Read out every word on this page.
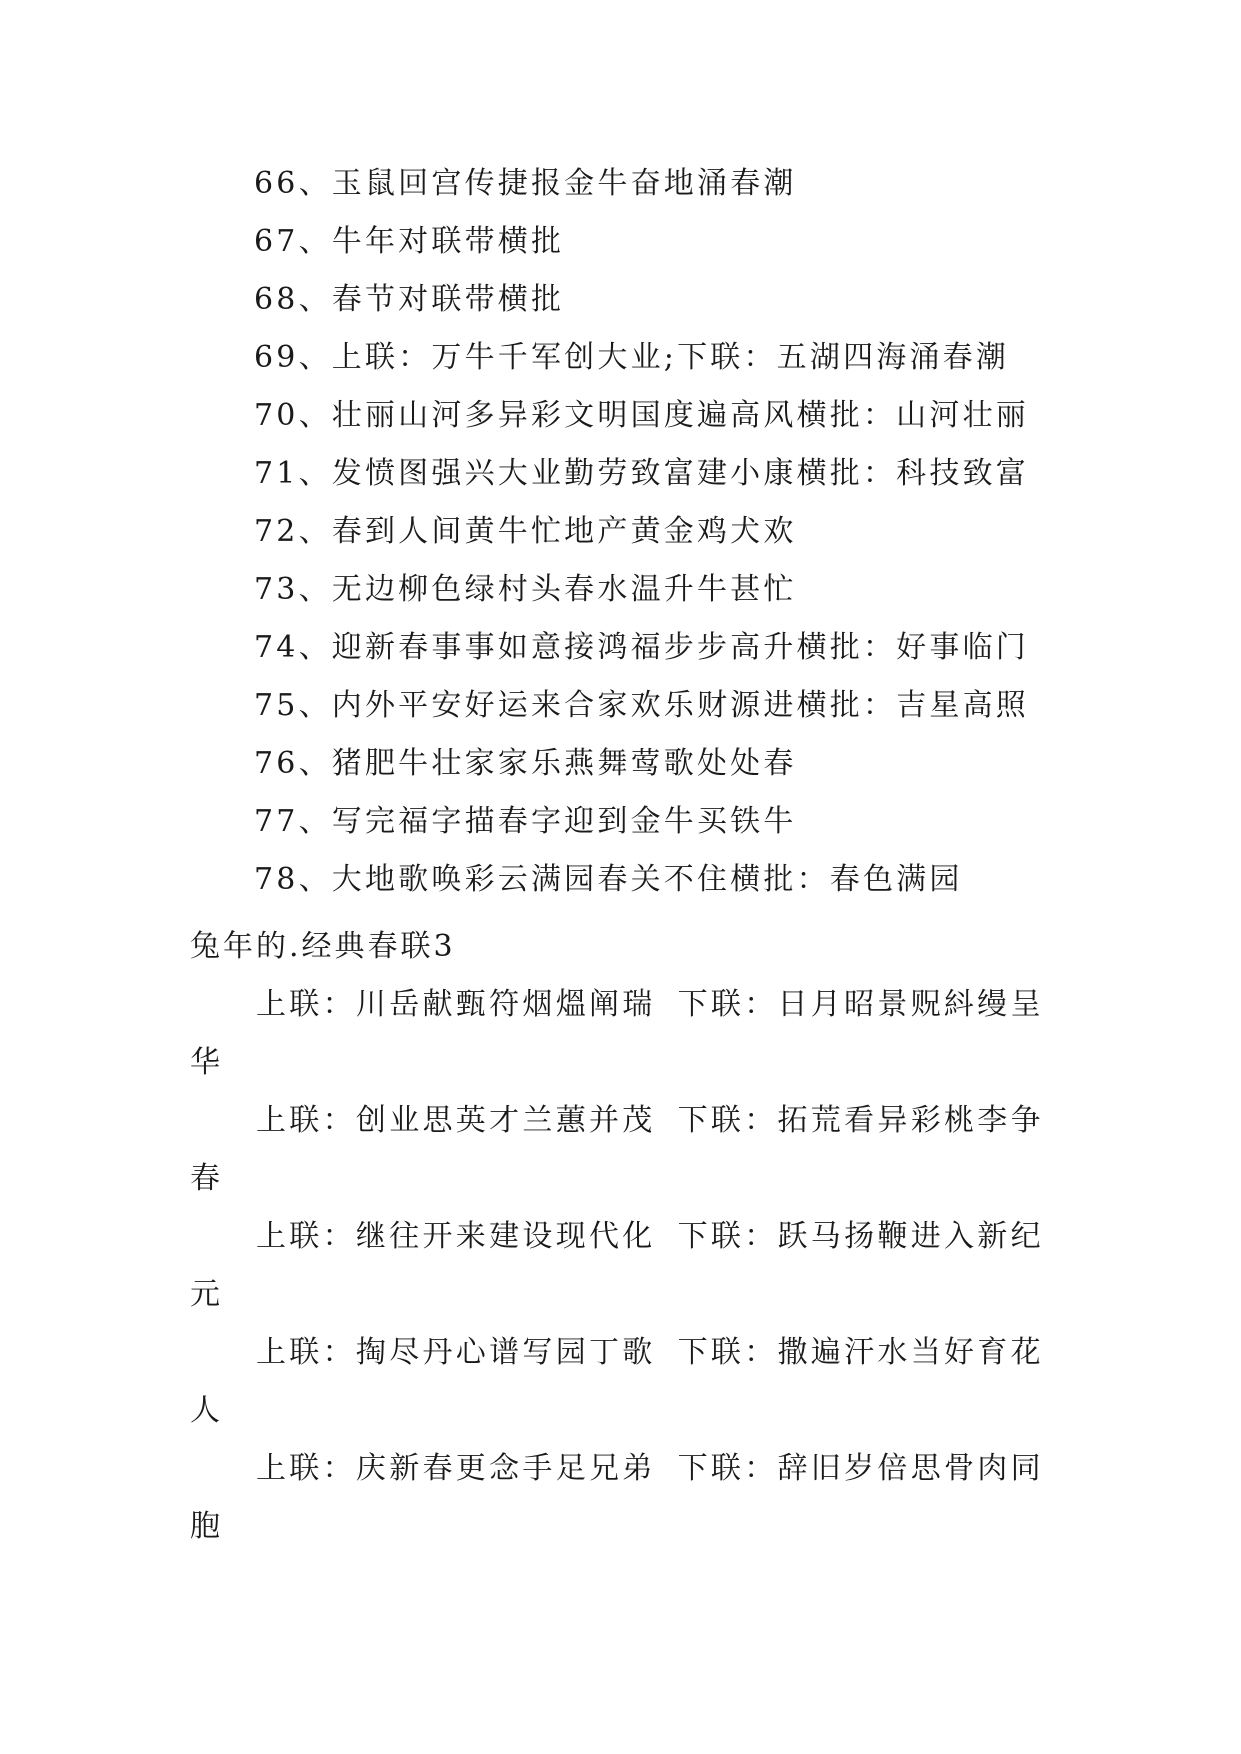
66、玉鼠回宫传捷报金牛奋地涌春潮
67、牛年对联带横批
68、春节对联带横批
69、上联：万牛千军创大业;下联：五湖四海涌春潮
70、壮丽山河多异彩文明国度遍高风横批：山河壮丽
71、发愤图强兴大业勤劳致富建小康横批：科技致富
72、春到人间黄牛忙地产黄金鸡犬欢
73、无边柳色绿村头春水温升牛甚忙
74、迎新春事事如意接鸿福步步高升横批：好事临门
75、内外平安好运来合家欢乐财源进横批：吉星高照
76、猪肥牛壮家家乐燕舞莺歌处处春
77、写完福字描春字迎到金牛买铁牛
78、大地歌唤彩云满园春关不住横批：春色满园
兔年的.经典春联3

上联：川岳献甄符烟熅阐瑞 下联：日月昭景贶紏缦呈
华

上联：创业思英才兰蕙并茂 下联：拓荒看异彩桃李争
春

上联：继往开来建设现代化 下联：跃马扬鞭进入新纪
元

上联：掏尽丹心谱写园丁歌 下联：撒遍汗水当好育花
人

上联：庆新春更念手足兄弟 下联：辞旧岁倍思骨肉同
胞
